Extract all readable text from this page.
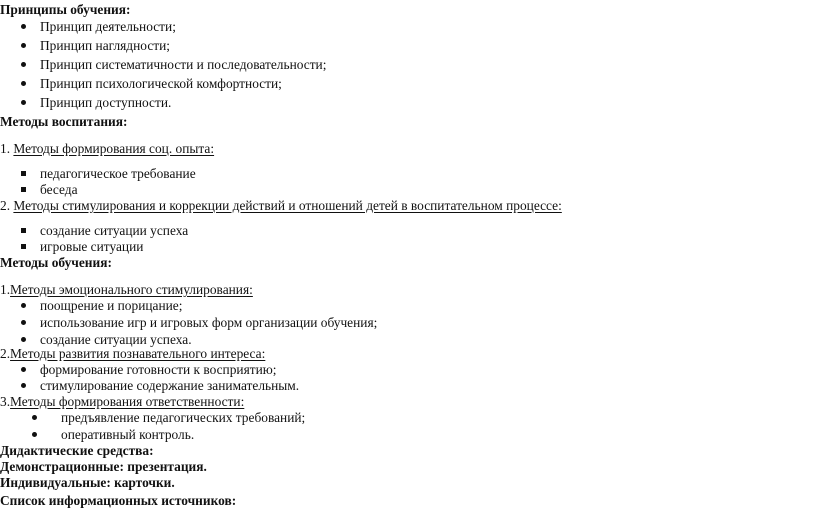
Принципы обучения:
Принцип деятельности;
Принцип наглядности;
Принцип систематичности и последовательности;
Принцип психологической комфортности;
Принцип доступности.
Методы воспитания:
1. Методы формирования соц. опыта:
педагогическое требование
беседа
2. Методы стимулирования и коррекции действий и отношений детей в воспитательном процессе:
создание ситуации успеха
игровые ситуации
Методы обучения:
1.Методы эмоционального стимулирования:
поощрение и порицание;
использование игр и игровых форм организации обучения;
создание ситуации успеха.
2.Методы развития познавательного интереса:
формирование готовности к восприятию;
стимулирование содержание занимательным.
3.Методы формирования ответственности:
предъявление педагогических требований;
оперативный контроль.
Дидактические средства:
Демонстрационные: презентация.
Индивидуальные: карточки.
Список информационных источников:
